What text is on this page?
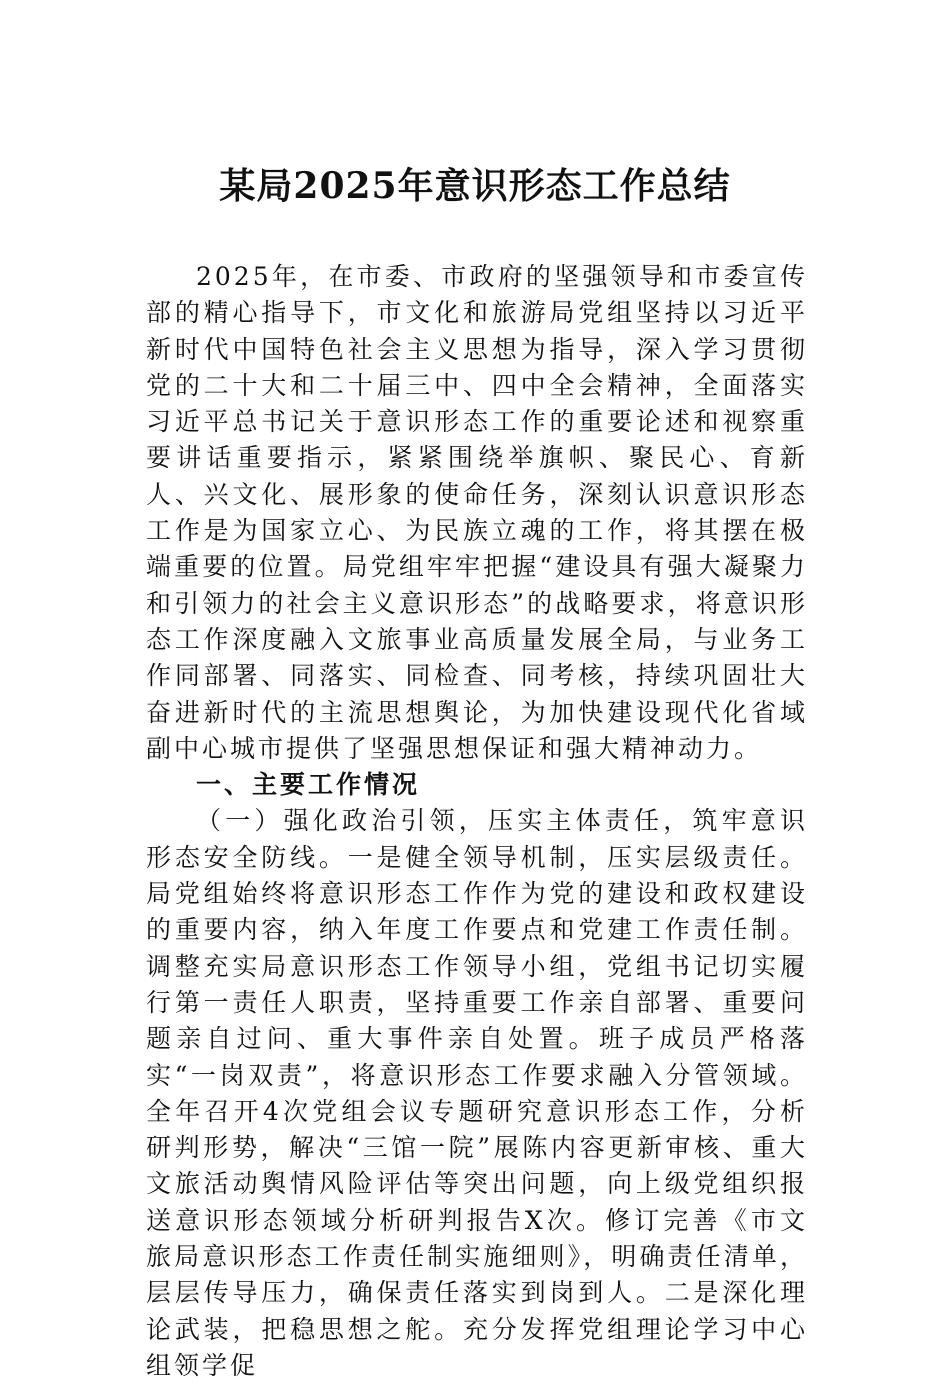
某局2025年意识形态工作总结

2025年，在市委、市政府的坚强领导和市委宣传部的精心指导下，市文化和旅游局党组坚持以习近平新时代中国特色社会主义思想为指导，深入学习贯彻党的二十大和二十届三中、四中全会精神，全面落实习近平总书记关于意识形态工作的重要论述和视察重要讲话重要指示，紧紧围绕举旗帜、聚民心、育新人、兴文化、展形象的使命任务，深刻认识意识形态工作是为国家立心、为民族立魂的工作，将其摆在极端重要的位置。局党组牢牢把握“建设具有强大凝聚力和引领力的社会主义意识形态”的战略要求，将意识形态工作深度融入文旅事业高质量发展全局，与业务工作同部署、同落实、同检查、同考核，持续巩固壮大奋进新时代的主流思想舆论，为加快建设现代化省域副中心城市提供了坚强思想保证和强大精神动力。

一、主要工作情况

（一）强化政治引领，压实主体责任，筑牢意识形态安全防线。一是健全领导机制，压实层级责任。局党组始终将意识形态工作作为党的建设和政权建设的重要内容，纳入年度工作要点和党建工作责任制。调整充实局意识形态工作领导小组，党组书记切实履行第一责任人职责，坚持重要工作亲自部署、重要问题亲自过问、重大事件亲自处置。班子成员严格落实“一岗双责”，将意识形态工作要求融入分管领域。全年召开4次党组会议专题研究意识形态工作，分析研判形势，解决“三馆一院”展陈内容更新审核、重大文旅活动舆情风险评估等突出问题，向上级党组织报送意识形态领域分析研判报告X次。修订完善《市文旅局意识形态工作责任制实施细则》，明确责任清单，层层传导压力，确保责任落实到岗到人。二是深化理论武装，把稳思想之舵。充分发挥党组理论学习中心组领学促
